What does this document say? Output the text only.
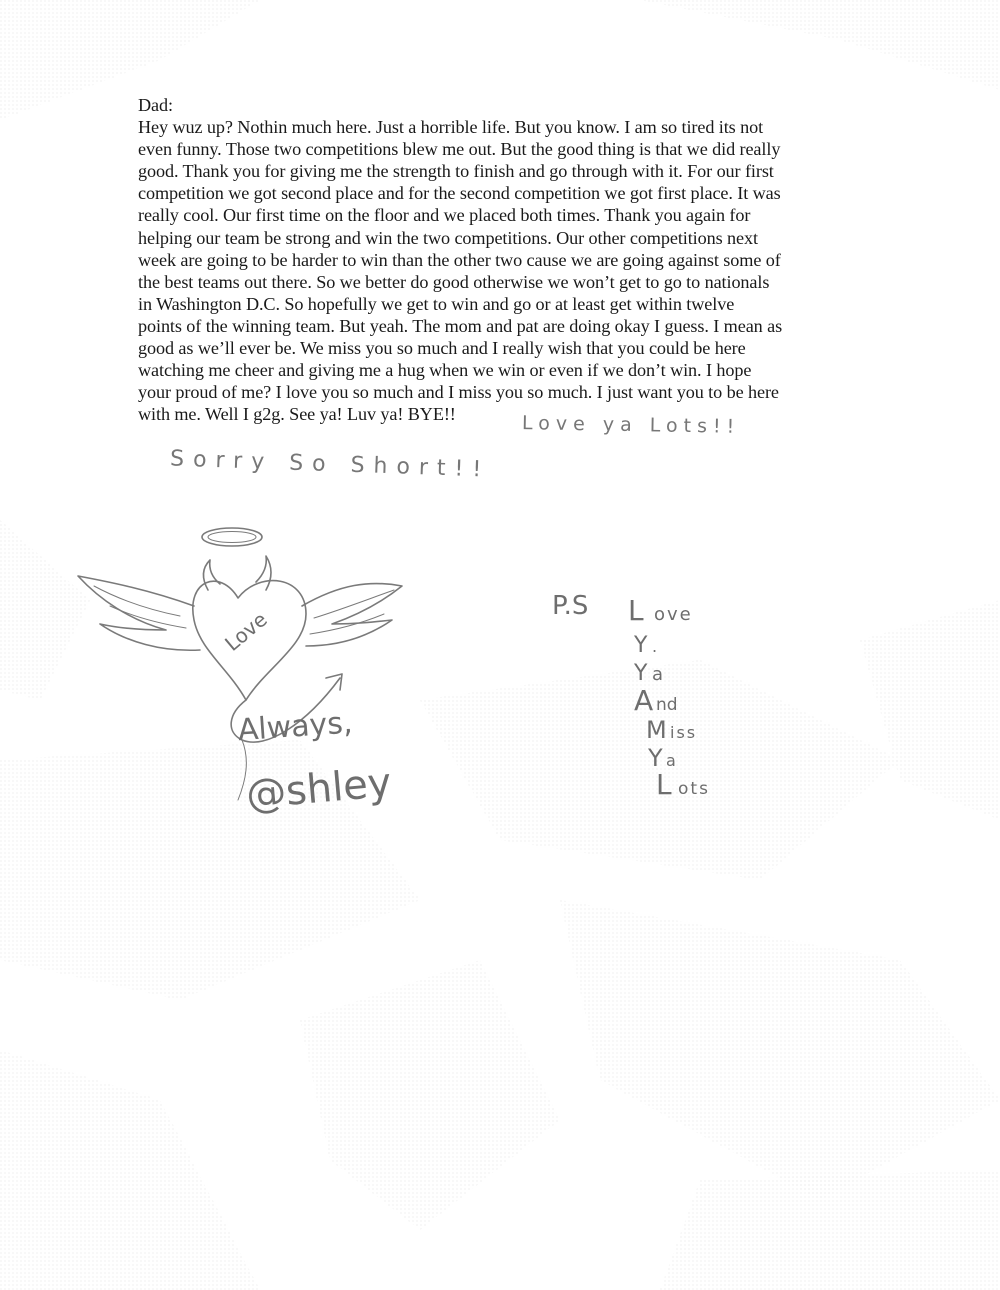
Dad:
Hey wuz up? Nothin much here. Just a horrible life. But you know. I am so tired its not
even funny. Those two competitions blew me out. But the good thing is that we did really
good. Thank you for giving me the strength to finish and go through with it. For our first
competition we got second place and for the second competition we got first place. It was
really cool. Our first time on the floor and we placed both times. Thank you again for
helping our team be strong and win the two competitions. Our other competitions next
week are going to be harder to win than the other two cause we are going against some of
the best teams out there. So we better do good otherwise we won’t get to go to nationals
in Washington D.C. So hopefully we get to win and go or at least get within twelve
points of the winning team. But yeah. The mom and pat are doing okay I guess. I mean as
good as we’ll ever be. We miss you so much and I really wish that you could be here
watching me cheer and giving me a hug when we win or even if we don’t win. I hope
your proud of me? I love you so much and I miss you so much. I just want you to be here
with me. Well I g2g. See ya! Luv ya! BYE!!	Love ya Lots!!
Sorry So Short!!
Love
Always,
@shley
P.S L ove
Y .
Y a
A nd
M iss
Y a
L ots
